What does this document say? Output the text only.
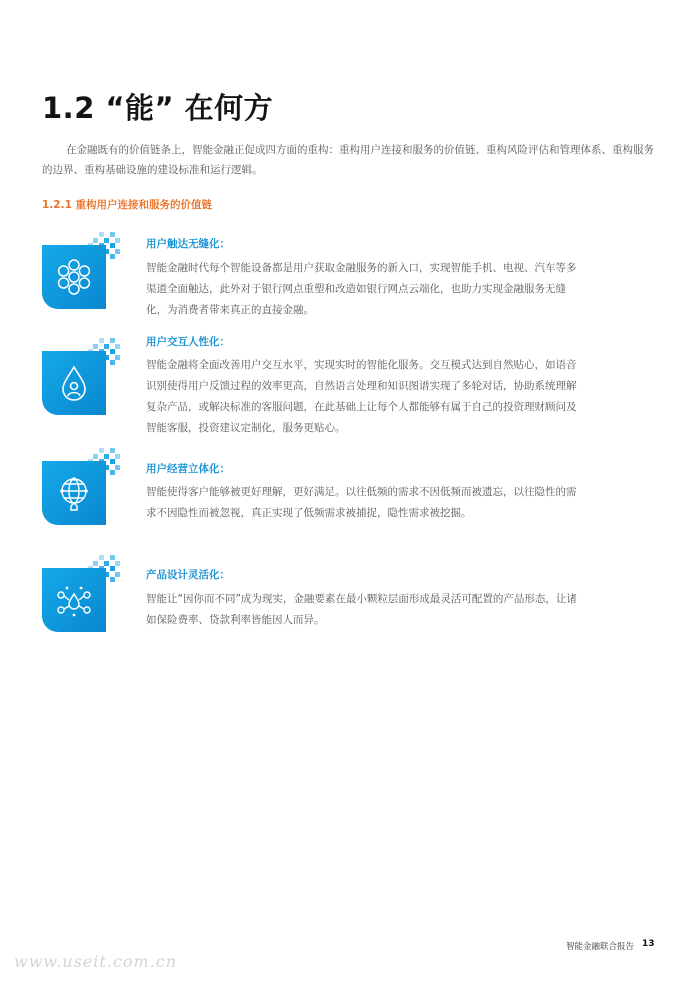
1.2 “能” 在何方

在金融既有的价值链条上，智能金融正促成四方面的重构：重构用户连接和服务的价值链、重构风险评估和管理体系、重构服务的边界、重构基础设施的建设标准和运行逻辑。

1.2.1 重构用户连接和服务的价值链

用户触达无缝化：

智能金融时代每个智能设备都是用户获取金融服务的新入口，实现智能手机、电视、汽车等多渠道全面触达，此外对于银行网点重塑和改造如银行网点云端化，也助力实现金融服务无缝化，为消费者带来真正的直接金融。

用户交互人性化：

智能金融将全面改善用户交互水平，实现实时的智能化服务。交互模式达到自然贴心，如语音识别使得用户反馈过程的效率更高，自然语言处理和知识图谱实现了多轮对话，协助系统理解复杂产品，或解决标准的客服问题，在此基础上让每个人都能够有属于自己的投资理财顾问及智能客服，投资建议定制化，服务更贴心。

用户经营立体化：

智能使得客户能够被更好理解，更好满足。以往低频的需求不因低频而被遗忘，以往隐性的需求不因隐性而被忽视，真正实现了低频需求被捕捉，隐性需求被挖掘。

产品设计灵活化：

智能让“因你而不同”成为现实，金融要素在最小颗粒层面形成最灵活可配置的产品形态，让诸如保险费率、贷款利率皆能因人而异。

智能金融联合报告 13
www.useit.com.cn
